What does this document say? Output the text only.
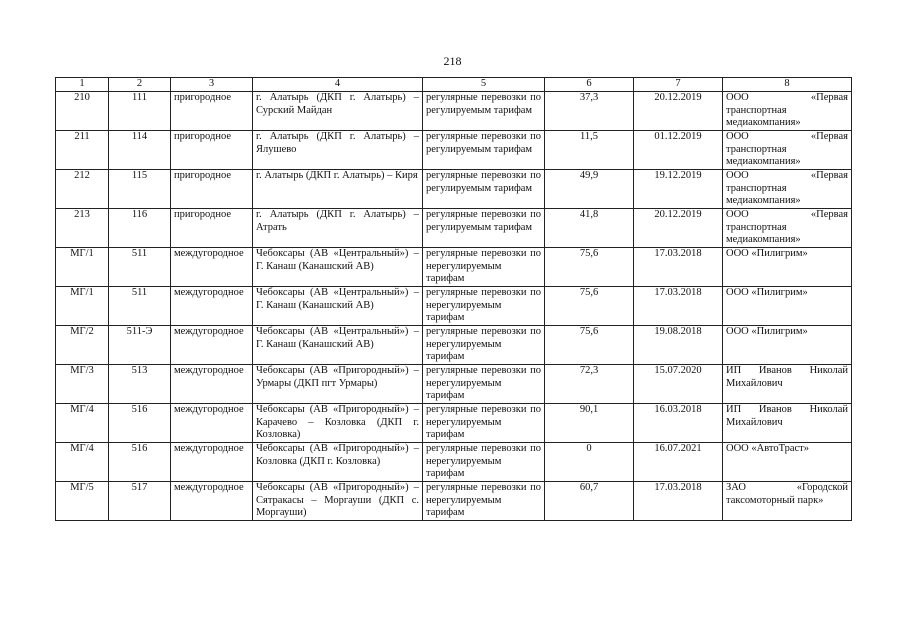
218
1	2	3	4	5	6	7	8
210	111	пригородное	г. Алатырь (ДКП г. Алатырь) – Сурский Майдан	регулярные перевозки по регулируемым тарифам	37,3	20.12.2019	ООО «Первая транспортная медиакомпания»
211	114	пригородное	г. Алатырь (ДКП г. Алатырь) – Ялушево	регулярные перевозки по регулируемым тарифам	11,5	01.12.2019	ООО «Первая транспортная медиакомпания»
212	115	пригородное	г. Алатырь (ДКП г. Алатырь) – Киря	регулярные перевозки по регулируемым тарифам	49,9	19.12.2019	ООО «Первая транспортная медиакомпания»
213	116	пригородное	г. Алатырь (ДКП г. Алатырь) – Атрать	регулярные перевозки по регулируемым тарифам	41,8	20.12.2019	ООО «Первая транспортная медиакомпания»
МГ/1	511	междугородное	Чебоксары (АВ «Центральный») – Г. Канаш (Канашский АВ)	регулярные перевозки по нерегулируемым тарифам	75,6	17.03.2018	ООО «Пилигрим»
МГ/1	511	междугородное	Чебоксары (АВ «Центральный») – Г. Канаш (Канашский АВ)	регулярные перевозки по нерегулируемым тарифам	75,6	17.03.2018	ООО «Пилигрим»
МГ/2	511-Э	междугородное	Чебоксары (АВ «Центральный») – Г. Канаш (Канашский АВ)	регулярные перевозки по нерегулируемым тарифам	75,6	19.08.2018	ООО «Пилигрим»
МГ/3	513	междугородное	Чебоксары (АВ «Пригородный») – Урмары (ДКП пгт Урмары)	регулярные перевозки по нерегулируемым тарифам	72,3	15.07.2020	ИП Иванов Николай Михайлович
МГ/4	516	междугородное	Чебоксары (АВ «Пригородный») – Карачево – Козловка (ДКП г. Козловка)	регулярные перевозки по нерегулируемым тарифам	90,1	16.03.2018	ИП Иванов Николай Михайлович
МГ/4	516	междугородное	Чебоксары (АВ «Пригородный») – Козловка (ДКП г. Козловка)	регулярные перевозки по нерегулируемым тарифам	0	16.07.2021	ООО «АвтоТраст»
МГ/5	517	междугородное	Чебоксары (АВ «Пригородный») – Сятракасы – Моргауши (ДКП с. Моргауши)	регулярные перевозки по нерегулируемым тарифам	60,7	17.03.2018	ЗАО «Городской таксомоторный парк»
